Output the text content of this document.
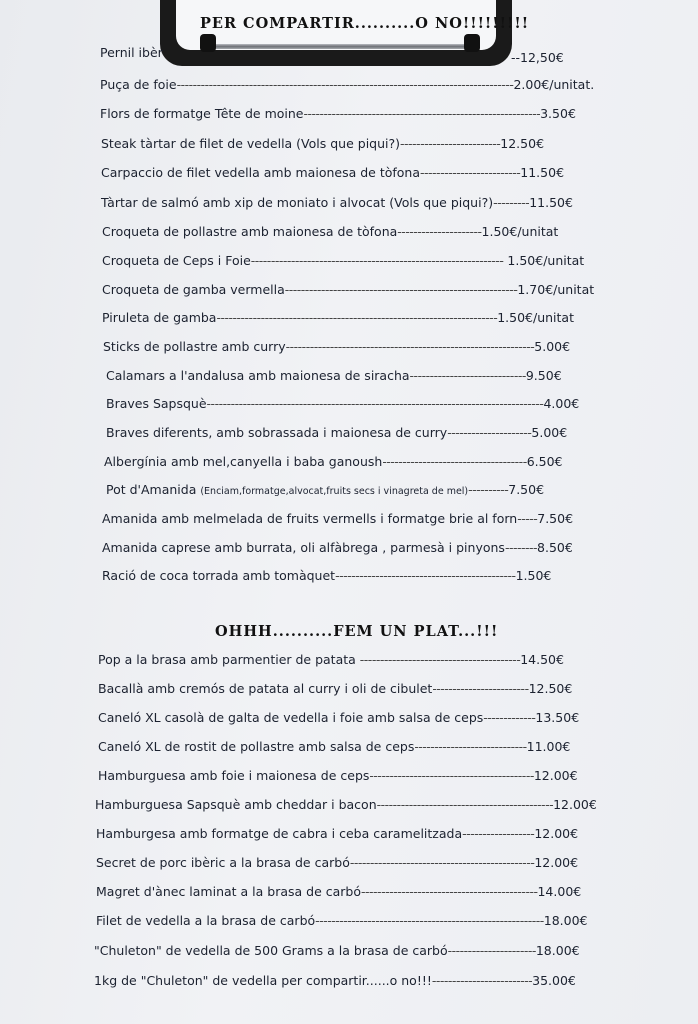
PER COMPARTIR..........O NO!!!!!!!!!
Pernil ibèr	--12,50€
Puça de foie------------------------------------------------------------------------------------2.00€/unitat.
Flors de formatge Tête de moine-----------------------------------------------------------3.50€
Steak tàrtar de filet de vedella (Vols que piqui?)-------------------------12.50€
Carpaccio de filet vedella amb maionesa de tòfona-------------------------11.50€
Tàrtar de salmó amb xip de moniato i alvocat (Vols que piqui?)---------11.50€
Croqueta de pollastre amb maionesa de tòfona---------------------1.50€/unitat
Croqueta de Ceps i Foie--------------------------------------------------------------- 1.50€/unitat
Croqueta de gamba vermella----------------------------------------------------------1.70€/unitat
Piruleta de gamba----------------------------------------------------------------------1.50€/unitat
Sticks de pollastre amb curry--------------------------------------------------------------5.00€
Calamars a l'andalusa amb maionesa de siracha-----------------------------9.50€
Braves Sapsquè------------------------------------------------------------------------------------4.00€
Braves diferents, amb sobrassada i maionesa de curry---------------------5.00€
Albergínia amb mel,canyella i baba ganoush------------------------------------6.50€
Pot d'Amanida (Enciam,formatge,alvocat,fruits secs i vinagreta de mel)----------7.50€
Amanida amb melmelada de fruits vermells i formatge brie al forn-----7.50€
Amanida caprese amb burrata, oli alfàbrega , parmesà i pinyons--------8.50€
Ració de coca torrada amb tomàquet---------------------------------------------1.50€
OHHH..........FEM UN PLAT...!!!
Pop a la brasa amb parmentier de patata ----------------------------------------14.50€
Bacallà amb cremós de patata al curry i oli de cibulet------------------------12.50€
Caneló XL casolà de galta de vedella i foie amb salsa de ceps-------------13.50€
Caneló XL de rostit de pollastre amb salsa de ceps----------------------------11.00€
Hamburguesa amb foie i maionesa de ceps-----------------------------------------12.00€
Hamburguesa Sapsquè amb cheddar i bacon--------------------------------------------12.00€
Hamburgesa amb formatge de cabra i ceba caramelitzada------------------12.00€
Secret de porc ibèric a la brasa de carbó----------------------------------------------12.00€
Magret d'ànec laminat a la brasa de carbó--------------------------------------------14.00€
Filet de vedella a la brasa de carbó---------------------------------------------------------18.00€
"Chuleton" de vedella de 500 Grams a la brasa de carbó----------------------18.00€
1kg de "Chuleton" de vedella per compartir......o no!!!-------------------------35.00€
